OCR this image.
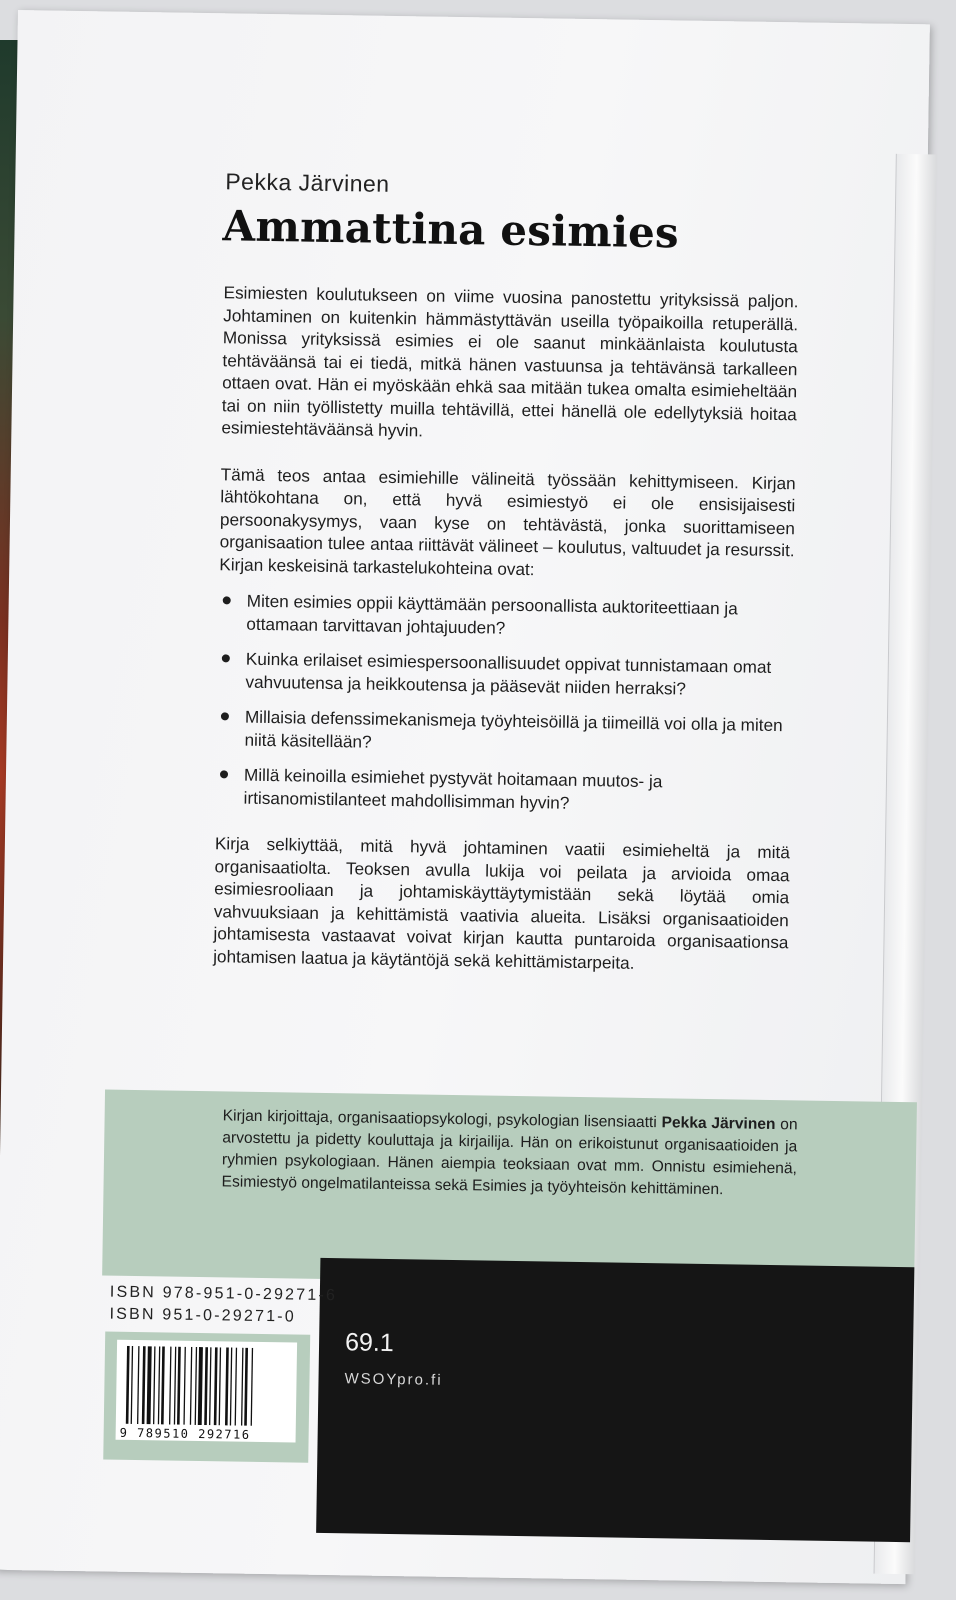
Pekka Järvinen
Ammattina esimies

Esimiesten koulutukseen on viime vuosina panostettu yrityksissä paljon. Johtaminen on kuitenkin hämmästyttävän useilla työpaikoilla retuperällä. Monissa yrityksissä esimies ei ole saanut minkäänlaista koulutusta tehtäväänsä tai ei tiedä, mitkä hänen vastuunsa ja tehtävänsä tarkalleen ottaen ovat. Hän ei myöskään ehkä saa mitään tukea omalta esimieheltään tai on niin työllistetty muilla tehtävillä, ettei hänellä ole edellytyksiä hoitaa esimiestehtäväänsä hyvin.

Tämä teos antaa esimiehille välineitä työssään kehittymiseen. Kirjan lähtökohtana on, että hyvä esimiestyö ei ole ensisijaisesti persoonakysymys, vaan kyse on tehtävästä, jonka suorittamiseen organisaation tulee antaa riittävät välineet – koulutus, valtuudet ja resurssit. Kirjan keskeisinä tarkastelukohteina ovat:

Miten esimies oppii käyttämään persoonallista auktoriteettiaan ja ottamaan tarvittavan johtajuuden?
Kuinka erilaiset esimiespersoonallisuudet oppivat tunnistamaan omat vahvuutensa ja heikkoutensa ja pääsevät niiden herraksi?
Millaisia defenssimekanismeja työyhteisöillä ja tiimeillä voi olla ja miten niitä käsitellään?
Millä keinoilla esimiehet pystyvät hoitamaan muutos- ja irtisanomistilanteet mahdollisimman hyvin?

Kirja selkiyttää, mitä hyvä johtaminen vaatii esimieheltä ja mitä organisaatiolta. Teoksen avulla lukija voi peilata ja arvioida omaa esimiesrooliaan ja johtamiskäyttäytymistään sekä löytää omia vahvuuksiaan ja kehittämistä vaativia alueita. Lisäksi organisaatioiden johtamisesta vastaavat voivat kirjan kautta puntaroida organisaationsa johtamisen laatua ja käytäntöjä sekä kehittämistarpeita.

Kirjan kirjoittaja, organisaatiopsykologi, psykologian lisensiaatti Pekka Järvinen on arvostettu ja pidetty kouluttaja ja kirjailija. Hän on erikoistunut organisaatioiden ja ryhmien psykologiaan. Hänen aiempia teoksiaan ovat mm. Onnistu esimiehenä, Esimiestyö ongelmatilanteissa sekä Esimies ja työyhteisön kehittäminen.
69.1
WSOYpro.fi
ISBN 978-951-0-29271-6
ISBN 951-0-29271-0
9 789510 292716
